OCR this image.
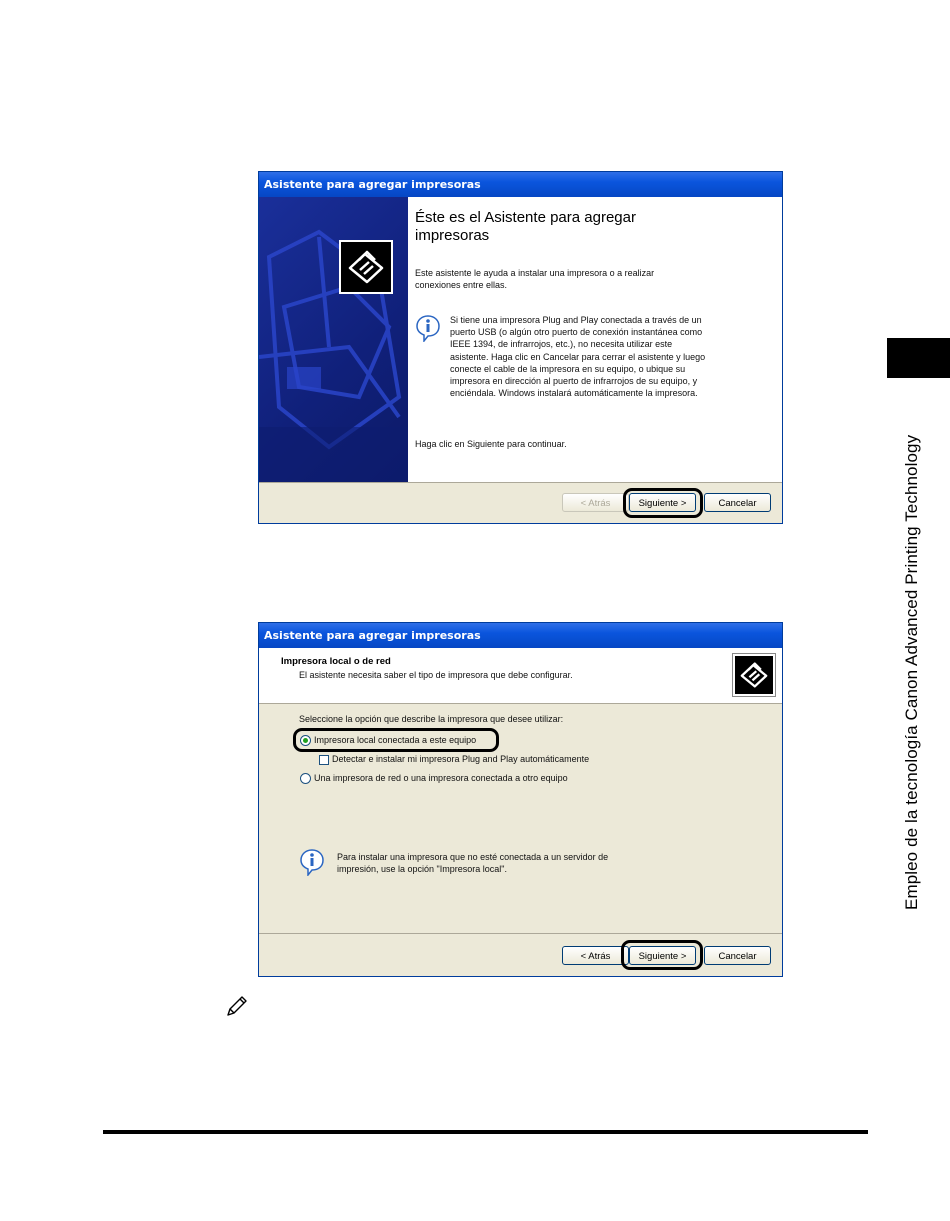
Empleo de la tecnología Canon Advanced Printing Technology
Asistente para agregar impresoras
Éste es el Asistente para agregar impresoras
Este asistente le ayuda a instalar una impresora o a realizar conexiones entre ellas.
Si tiene una impresora Plug and Play conectada a través de un puerto USB (o algún otro puerto de conexión instantánea como IEEE 1394, de infrarrojos, etc.), no necesita utilizar este asistente. Haga clic en Cancelar para cerrar el asistente y luego conecte el cable de la impresora en su equipo, o ubique su impresora en dirección al puerto de infrarrojos de su equipo, y enciéndala. Windows instalará automáticamente la impresora.
Haga clic en Siguiente para continuar.
< Atrás	Siguiente >	Cancelar
Asistente para agregar impresoras
Impresora local o de red
El asistente necesita saber el tipo de impresora que debe configurar.
Seleccione la opción que describe la impresora que desee utilizar:
Impresora local conectada a este equipo
Detectar e instalar mi impresora Plug and Play automáticamente
Una impresora de red o una impresora conectada a otro equipo
Para instalar una impresora que no esté conectada a un servidor de impresión, use la opción "Impresora local".
< Atrás	Siguiente >	Cancelar
